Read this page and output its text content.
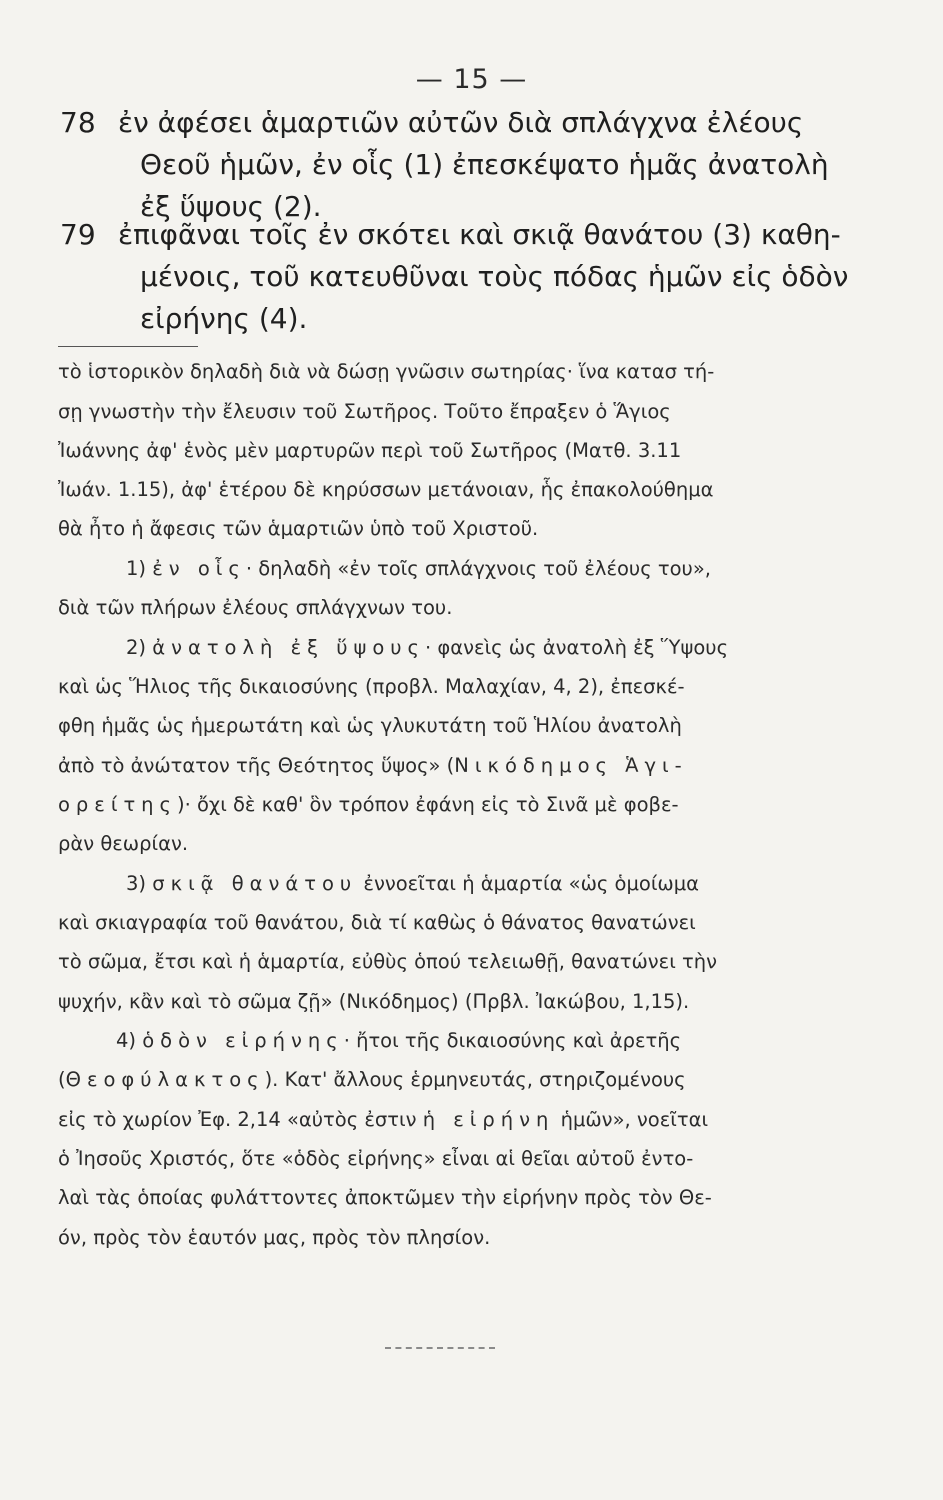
— 15 —
78 ἐν ἀφέσει ἁμαρτιῶν αὐτῶν διὰ σπλάγχνα ἐλέους
Θεοῦ ἡμῶν, ἐν οἷς (1) ἐπεσκέψατο ἡμᾶς ἀνατολὴ
ἐξ ὕψους (2).
79 ἐπιφᾶναι τοῖς ἐν σκότει καὶ σκιᾷ θανάτου (3) καθη-
μένοις, τοῦ κατευθῦναι τοὺς πόδας ἡμῶν εἰς ὁδὸν
εἰρήνης (4).
τὸ ἱστορικὸν δηλαδὴ διὰ νὰ δώσῃ γνῶσιν σωτηρίας· ἵνα κατασ τή-
σῃ γνωστὴν τὴν ἔλευσιν τοῦ Σωτῆρος. Τοῦτο ἔπραξεν ὁ Ἅγιος
Ἰωάννης ἀφ' ἑνὸς μὲν μαρτυρῶν περὶ τοῦ Σωτῆρος (Ματθ. 3.11
Ἰωάν. 1.15), ἀφ' ἑτέρου δὲ κηρύσσων μετάνοιαν, ἧς ἐπακολούθημα
θὰ ἦτο ἡ ἄφεσις τῶν ἁμαρτιῶν ὑπὸ τοῦ Χριστοῦ.
1) ἐν οἷς· δηλαδὴ «ἐν τοῖς σπλάγχνοις τοῦ ἐλέους του»,
διὰ τῶν πλήρων ἐλέους σπλάγχνων του.
2) ἀνατολὴ ἐξ ὕψους· φανεὶς ὡς ἀνατολὴ ἐξ Ὕψους
καὶ ὡς Ἥλιος τῆς δικαιοσύνης (προβλ. Μαλαχίαν, 4, 2), ἐπεσκέ-
φθη ἡμᾶς ὡς ἡμερωτάτη καὶ ὡς γλυκυτάτη τοῦ Ἡλίου ἀνατολὴ
ἀπὸ τὸ ἀνώτατον τῆς Θεότητος ὕψος» (Νικόδημος Ἁγι-
ορείτης)· ὄχι δὲ καθ' ὃν τρόπον ἐφάνη εἰς τὸ Σινᾶ μὲ φοβε-
ρὰν θεωρίαν.
3) σκιᾷ θανάτου ἐννοεῖται ἡ ἁμαρτία «ὡς ὁμοίωμα
καὶ σκιαγραφία τοῦ θανάτου, διὰ τί καθὼς ὁ θάνατος θανατώνει
τὸ σῶμα, ἔτσι καὶ ἡ ἁμαρτία, εὐθὺς ὁπού τελειωθῇ, θανατώνει τὴν
ψυχήν, κἂν καὶ τὸ σῶμα ζῇ» (Νικόδημος) (Πρβλ. Ἰακώβου, 1,15).
4) ὁδὸν εἰρήνης· ἤτοι τῆς δικαιοσύνης καὶ ἀρετῆς
(Θεοφύλακτος). Κατ' ἄλλους ἑρμηνευτάς, στηριζομένους
εἰς τὸ χωρίον Ἐφ. 2,14 «αὐτὸς ἐστιν ἡ εἰρήνη ἡμῶν», νοεῖται
ὁ Ἰησοῦς Χριστός, ὅτε «ὁδὸς εἰρήνης» εἶναι αἱ θεῖαι αὐτοῦ ἐντο-
λαὶ τὰς ὁποίας φυλάττοντες ἀποκτῶμεν τὴν εἰρήνην πρὸς τὸν Θε-
όν, πρὸς τὸν ἑαυτόν μας, πρὸς τὸν πλησίον.
